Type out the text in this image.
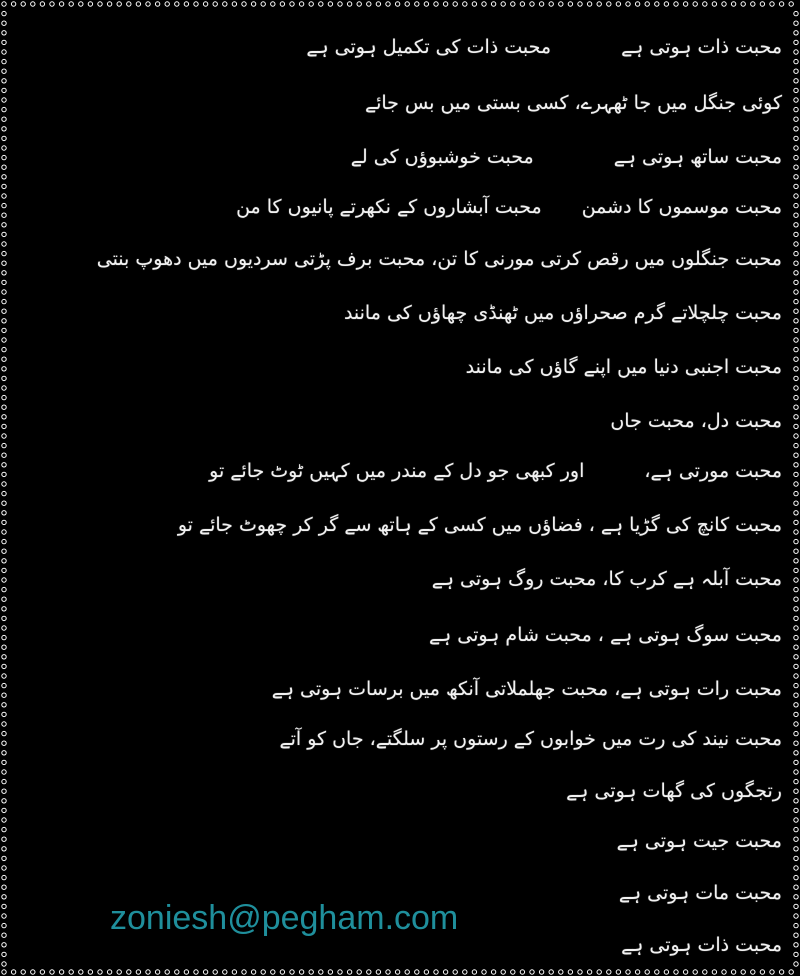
محبت ذات ہوتی ہےمحبت ذات کی تکمیل ہوتی ہے
کوئی جنگل میں جا ٹھہرے، کسی بستی میں بس جائے
محبت ساتھ ہوتی ہےمحبت خوشبوؤں کی لے
محبت موسموں کا دشمنمحبت آبشاروں کے نکھرتے پانیوں کا من
محبت جنگلوں میں رقص کرتی مورنی کا تن، محبت برف پڑتی سردیوں میں دھوپ بنتی
محبت چلچلاتے گرم صحراؤں میں ٹھنڈی چھاؤں کی مانند
محبت اجنبی دنیا میں اپنے گاؤں کی مانند
محبت دل، محبت جاں
محبت مورتی ہے،اور کبھی جو دل کے مندر میں کہیں ٹوٹ جائے تو
محبت کانچ کی گڑیا ہے ، فضاؤں میں کسی کے ہاتھ سے گر کر چھوٹ جائے تو
محبت آبلہ ہے کرب کا، محبت روگ ہوتی ہے
محبت سوگ ہوتی ہے ، محبت شام ہوتی ہے
محبت رات ہوتی ہے، محبت جھلملاتی آنکھ میں برسات ہوتی ہے
محبت نیند کی رت میں خوابوں کے رستوں پر سلگتے، جاں کو آتے
رتجگوں کی گھات ہوتی ہے
محبت جیت ہوتی ہے
محبت مات ہوتی ہے
محبت ذات ہوتی ہے
zoniesh@pegham.com
